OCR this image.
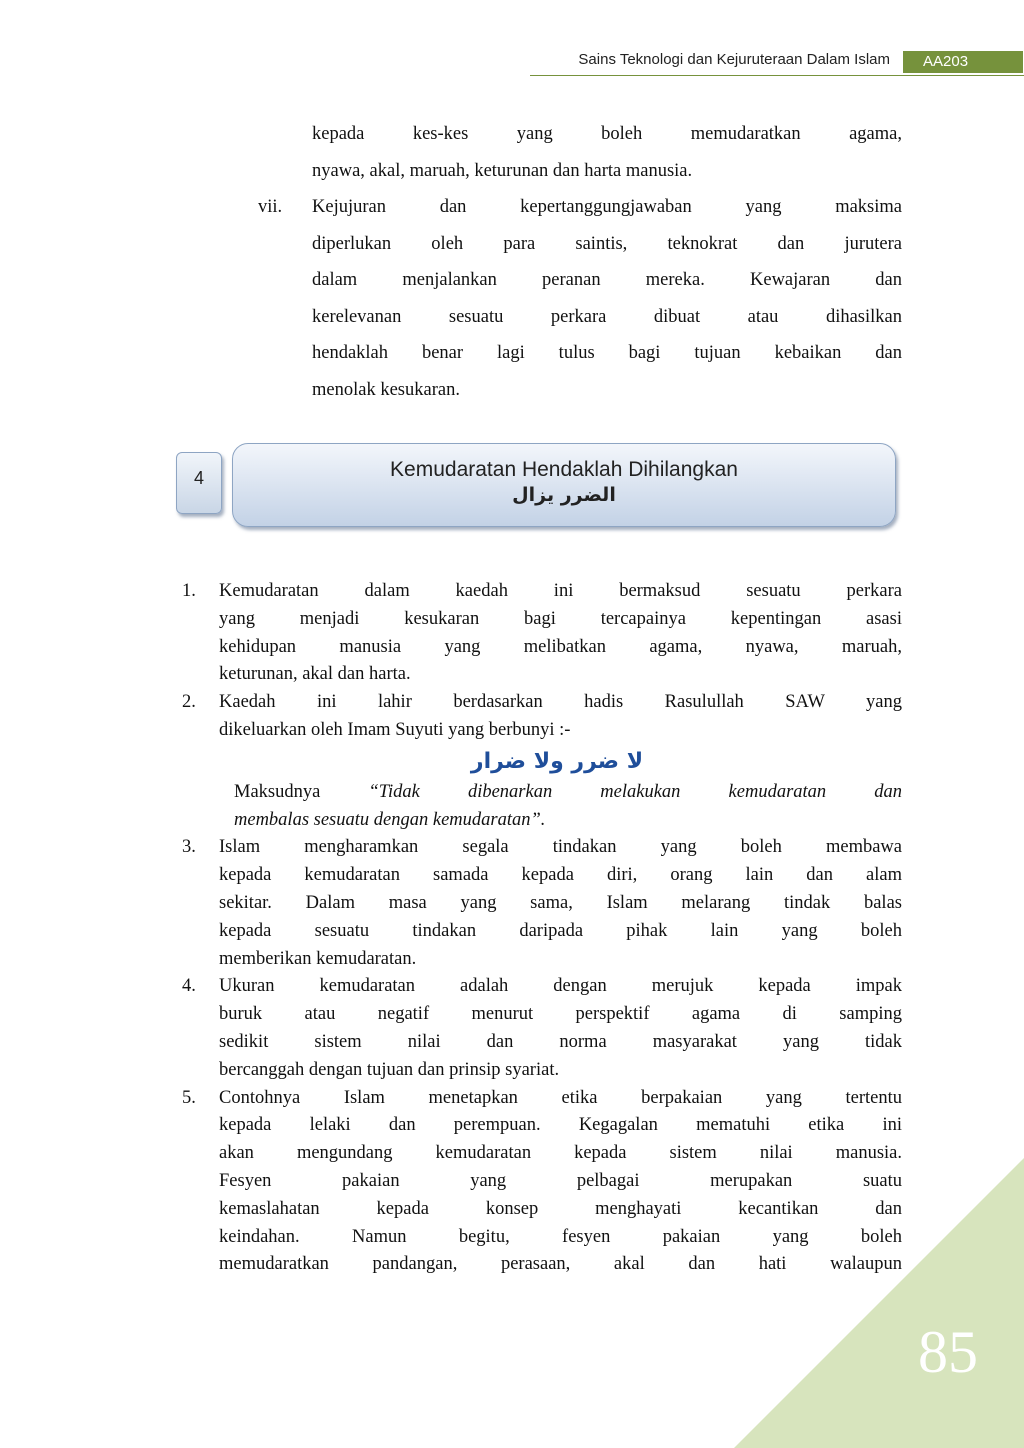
Sains Teknologi dan Kejuruteraan Dalam Islam	AA203
kepada kes-kes yang boleh memudaratkan agama,
nyawa, akal, maruah, keturunan dan harta manusia.
vii. Kejujuran dan kepertanggungjawaban yang maksima
diperlukan oleh para saintis, teknokrat dan jurutera
dalam menjalankan peranan mereka. Kewajaran dan
kerelevanan sesuatu perkara dibuat atau dihasilkan
hendaklah benar lagi tulus bagi tujuan kebaikan dan
menolak kesukaran.
4	Kemudaratan Hendaklah Dihilangkan
الضرر يزال
1. Kemudaratan dalam kaedah ini bermaksud sesuatu perkara
yang menjadi kesukaran bagi tercapainya kepentingan asasi
kehidupan manusia yang melibatkan agama, nyawa, maruah,
keturunan, akal dan harta.
2. Kaedah ini lahir berdasarkan hadis Rasulullah SAW yang
dikeluarkan oleh Imam Suyuti yang berbunyi :-
لا ضرر ولا ضرار
Maksudnya	“Tidak dibenarkan melakukan kemudaratan dan
membalas sesuatu dengan kemudaratan”.
3. Islam mengharamkan segala tindakan yang boleh membawa
kepada kemudaratan samada kepada diri, orang lain dan alam
sekitar. Dalam masa yang sama, Islam melarang tindak balas
kepada sesuatu tindakan daripada pihak lain yang boleh
memberikan kemudaratan.
4. Ukuran kemudaratan adalah dengan merujuk kepada impak
buruk atau negatif menurut perspektif agama di samping
sedikit sistem nilai dan norma masyarakat yang tidak
bercanggah dengan tujuan dan prinsip syariat.
5. Contohnya Islam menetapkan etika berpakaian yang tertentu
kepada lelaki dan perempuan. Kegagalan mematuhi etika ini
akan mengundang kemudaratan kepada sistem nilai manusia.
Fesyen pakaian yang pelbagai merupakan suatu
kemaslahatan kepada konsep menghayati kecantikan dan
keindahan. Namun begitu, fesyen pakaian yang boleh
memudaratkan pandangan, perasaan, akal dan hati walaupun
85
